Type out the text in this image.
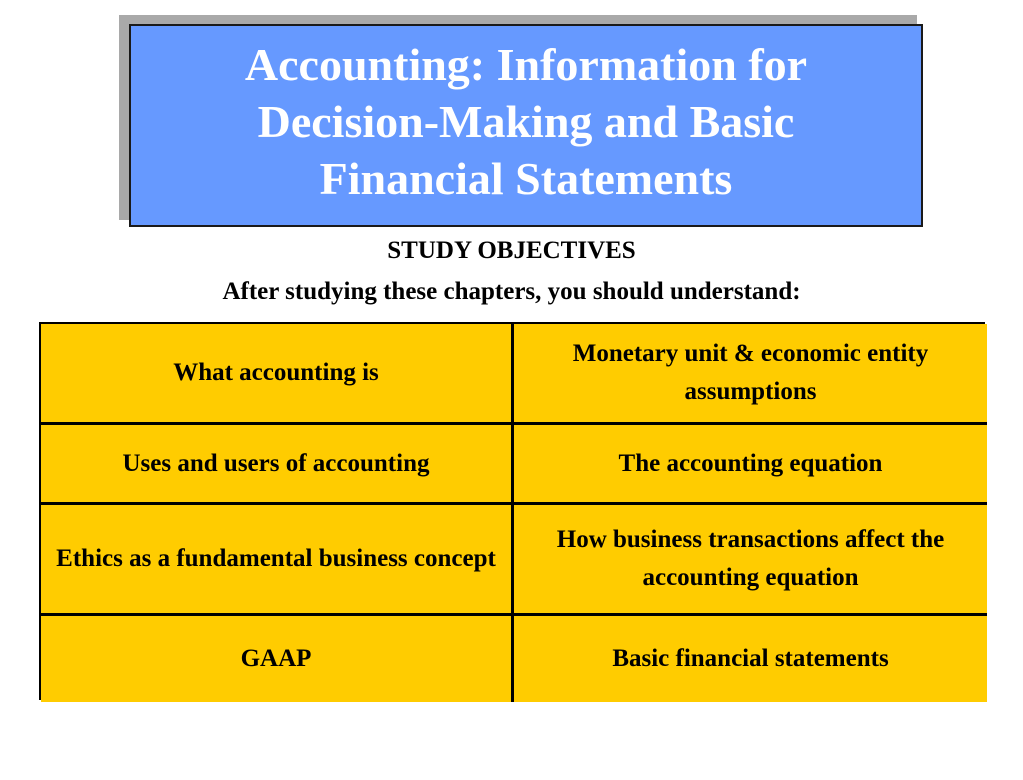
Accounting: Information for Decision-Making and Basic Financial Statements
STUDY OBJECTIVES
After studying these chapters, you should understand:
What accounting is
Monetary unit & economic entity assumptions
Uses and users of accounting	The accounting equation
Ethics as a fundamental business concept
How business transactions affect the accounting equation
GAAP	Basic financial statements
